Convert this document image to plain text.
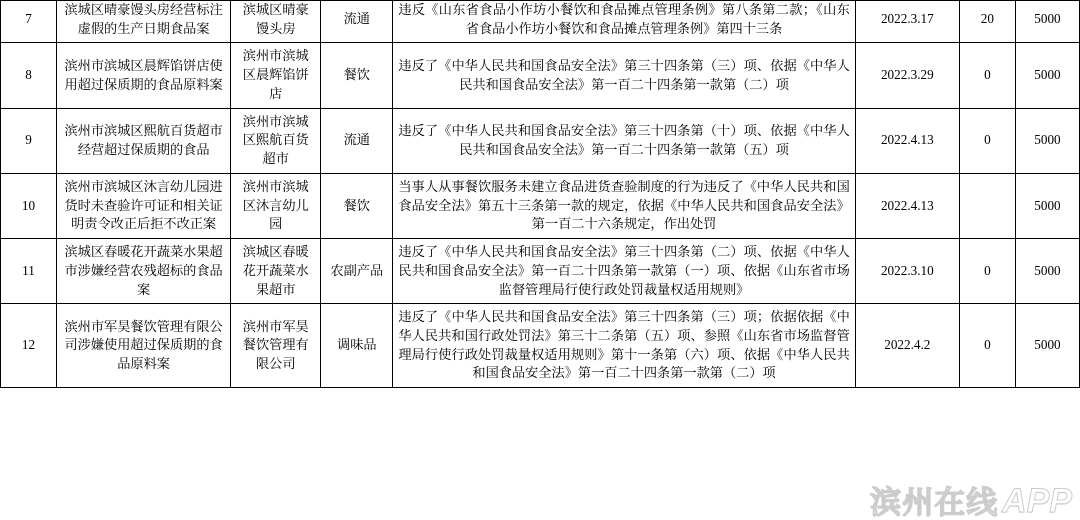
7	滨城区晴豪馒头房经营标注虚假的生产日期食品案	滨城区晴豪馒头房	流通	违反《山东省食品小作坊小餐饮和食品摊点管理条例》第八条第二款；《山东省食品小作坊小餐饮和食品摊点管理条例》第四十三条	2022.3.17	20	5000
8	滨州市滨城区晨辉馅饼店使用超过保质期的食品原料案	滨州市滨城区晨辉馅饼店	餐饮	违反了《中华人民共和国食品安全法》第三十四条第（三）项、依据《中华人民共和国食品安全法》第一百二十四条第一款第（二）项	2022.3.29	0	5000
9	滨州市滨城区熙航百货超市经营超过保质期的食品	滨州市滨城区熙航百货超市	流通	违反了《中华人民共和国食品安全法》第三十四条第（十）项、依据《中华人民共和国食品安全法》第一百二十四条第一款第（五）项	2022.4.13	0	5000
10	滨州市滨城区沐言幼儿园进货时未查验许可证和相关证明责令改正后拒不改正案	滨州市滨城区沐言幼儿园	餐饮	当事人从事餐饮服务未建立食品进货查验制度的行为违反了《中华人民共和国食品安全法》第五十三条第一款的规定，依据《中华人民共和国食品安全法》第一百二十六条规定，作出处罚	2022.4.13		5000
11	滨城区春暖花开蔬菜水果超市涉嫌经营农残超标的食品案	滨城区春暖花开蔬菜水果超市	农副产品	违反了《中华人民共和国食品安全法》第三十四条第（二）项、依据《中华人民共和国食品安全法》第一百二十四条第一款第（一）项、依据《山东省市场监督管理局行使行政处罚裁量权适用规则》	2022.3.10	0	5000
12	滨州市军昊餐饮管理有限公司涉嫌使用超过保质期的食品原料案	滨州市军昊餐饮管理有限公司	调味品	违反了《中华人民共和国食品安全法》第三十四条第（三）项；依据依据《中华人民共和国行政处罚法》第三十二条第（五）项、参照《山东省市场监督管理局行使行政处罚裁量权适用规则》第十一条第（六）项、依据《中华人民共和国食品安全法》第一百二十四条第一款第（二）项	2022.4.2	0	5000
滨州在线 APP
